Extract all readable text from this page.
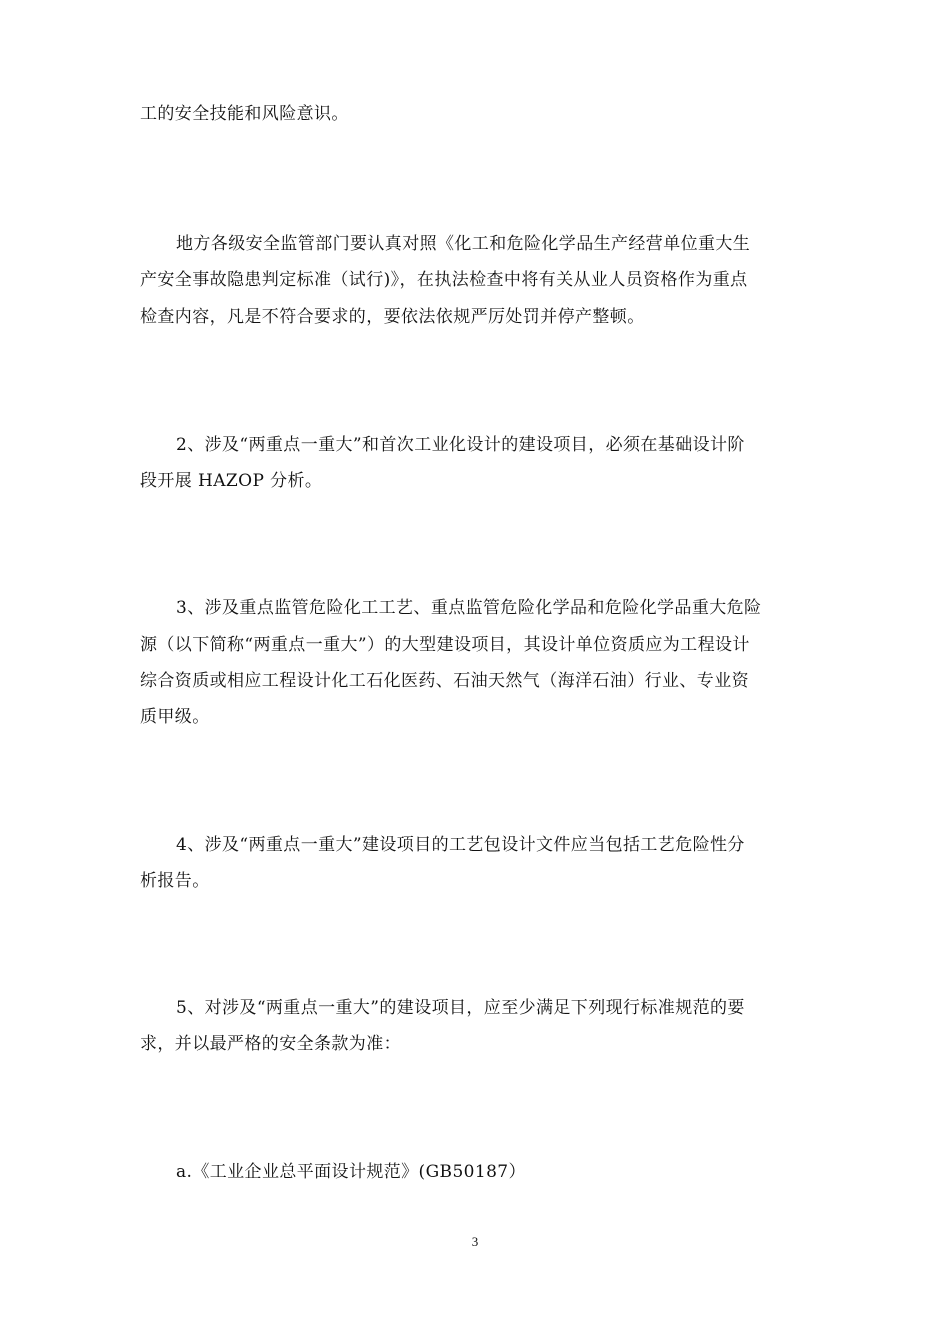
工的安全技能和风险意识。
地方各级安全监管部门要认真对照《化工和危险化学品生产经营单位重大生
产安全事故隐患判定标准（试行)》，在执法检查中将有关从业人员资格作为重点
检查内容，凡是不符合要求的，要依法依规严厉处罚并停产整顿。
2、涉及“两重点一重大”和首次工业化设计的建设项目，必须在基础设计阶
段开展 HAZOP 分析。
3、涉及重点监管危险化工工艺、重点监管危险化学品和危险化学品重大危险
源（以下简称“两重点一重大”）的大型建设项目，其设计单位资质应为工程设计
综合资质或相应工程设计化工石化医药、石油天然气（海洋石油）行业、专业资
质甲级。
4、涉及“两重点一重大”建设项目的工艺包设计文件应当包括工艺危险性分
析报告。
5、对涉及“两重点一重大”的建设项目，应至少满足下列现行标准规范的要
求，并以最严格的安全条款为准：
a.《工业企业总平面设计规范》(GB50187）
3
